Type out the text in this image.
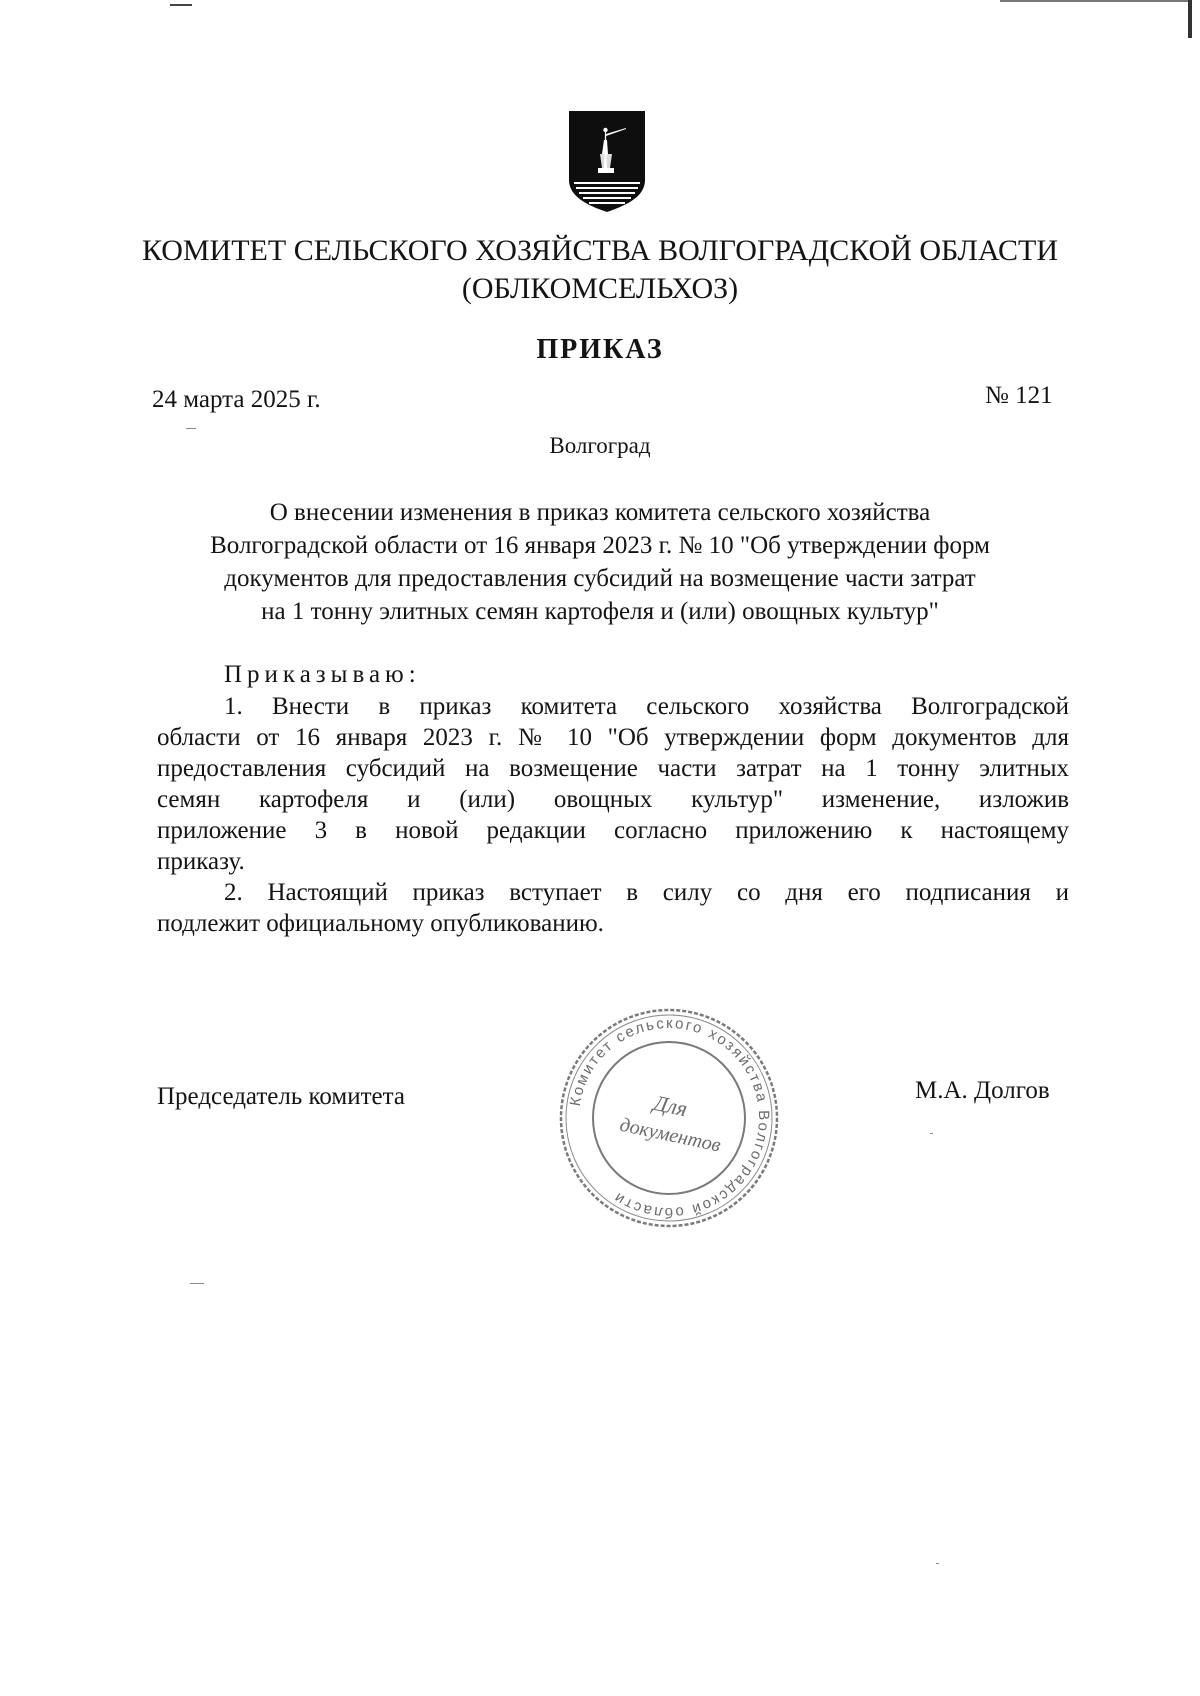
КОМИТЕТ СЕЛЬСКОГО ХОЗЯЙСТВА ВОЛГОГРАДСКОЙ ОБЛАСТИ
(ОБЛКОМСЕЛЬХОЗ)
ПРИКАЗ
24 марта 2025 г.	№ 121
Волгоград
О внесении изменения в приказ комитета сельского хозяйства
Волгоградской области от 16 января 2023 г. № 10 "Об утверждении форм
документов для предоставления субсидий на возмещение части затрат
на 1 тонну элитных семян картофеля и (или) овощных культур"
Приказываю:
1. Внести в приказ комитета сельского хозяйства Волгоградской
области от 16 января 2023 г. № 10 "Об утверждении форм документов для
предоставления субсидий на возмещение части затрат на 1 тонну элитных
семян картофеля и (или) овощных культур" изменение, изложив
приложение 3 в новой редакции согласно приложению к настоящему
приказу.
2. Настоящий приказ вступает в силу со дня его подписания и
подлежит официальному опубликованию.
Председатель комитета	М.А. Долгов
Комитет сельского хозяйства Волгоградской области
Для
документов
